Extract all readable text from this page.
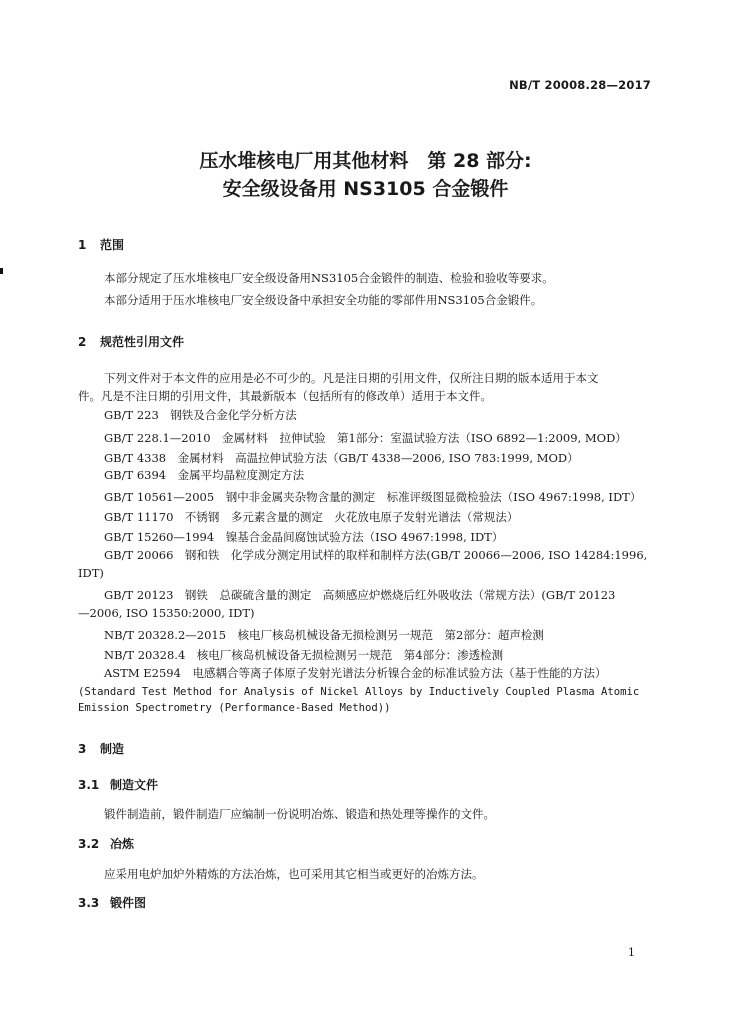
NB/T 20008.28—2017
压水堆核电厂用其他材料　第 28 部分:
安全级设备用 NS3105 合金锻件
1 范围
本部分规定了压水堆核电厂安全级设备用NS3105合金锻件的制造、检验和验收等要求。
本部分适用于压水堆核电厂安全级设备中承担安全功能的零部件用NS3105合金锻件。
2 规范性引用文件
下列文件对于本文件的应用是必不可少的。凡是注日期的引用文件，仅所注日期的版本适用于本文
件。凡是不注日期的引用文件，其最新版本（包括所有的修改单）适用于本文件。
GB/T 223　钢铁及合金化学分析方法
GB/T 228.1—2010　金属材料　拉伸试验　第1部分：室温试验方法（ISO 6892—1:2009, MOD）
GB/T 4338　金属材料　高温拉伸试验方法（GB/T 4338—2006, ISO 783:1999, MOD）
GB/T 6394　金属平均晶粒度测定方法
GB/T 10561—2005　钢中非金属夹杂物含量的测定　标准评级图显微检验法（ISO 4967:1998, IDT）
GB/T 11170　不锈钢　多元素含量的测定　火花放电原子发射光谱法（常规法）
GB/T 15260—1994　镍基合金晶间腐蚀试验方法（ISO 4967:1998, IDT）
GB/T 20066　钢和铁　化学成分测定用试样的取样和制样方法(GB/T 20066—2006, ISO 14284:1996,
IDT)
GB/T 20123　钢铁　总碳硫含量的测定　高频感应炉燃烧后红外吸收法（常规方法）(GB/T 20123
—2006, ISO 15350:2000, IDT)
NB/T 20328.2—2015　核电厂核岛机械设备无损检测另一规范　第2部分：超声检测
NB/T 20328.4　核电厂核岛机械设备无损检测另一规范　第4部分：渗透检测
ASTM E2594　电感耦合等离子体原子发射光谱法分析镍合金的标准试验方法（基于性能的方法）
(Standard Test Method for Analysis of Nickel Alloys by Inductively Coupled Plasma Atomic
Emission Spectrometry (Performance-Based Method))
3 制造
3.1 制造文件
锻件制造前，锻件制造厂应编制一份说明冶炼、锻造和热处理等操作的文件。
3.2 冶炼
应采用电炉加炉外精炼的方法冶炼，也可采用其它相当或更好的冶炼方法。
3.3 锻件图
1
